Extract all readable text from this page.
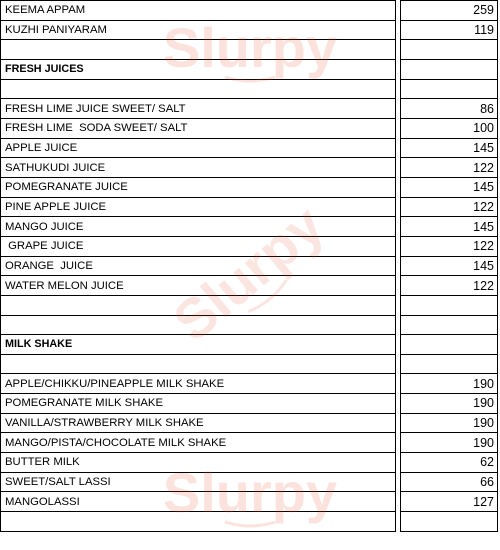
KEEMA APPAM		259
KUZHI PANIYARAM		119

FRESH JUICES		

FRESH LIME JUICE SWEET/ SALT		86
FRESH LIME  SODA SWEET/ SALT		100
APPLE JUICE		145
SATHUKUDI JUICE		122
POMEGRANATE JUICE		145
PINE APPLE JUICE		122
MANGO JUICE		145
GRAPE JUICE		122
ORANGE  JUICE		145
WATER MELON JUICE		122

MILK SHAKE		

APPLE/CHIKKU/PINEAPPLE MILK SHAKE		190
POMEGRANATE MILK SHAKE		190
VANILLA/STRAWBERRY MILK SHAKE		190
MANGO/PISTA/CHOCOLATE MILK SHAKE		190
BUTTER MILK		62
SWEET/SALT LASSI		66
MANGOLASSI		127

Slurpy
Slurpy
Slurpy
